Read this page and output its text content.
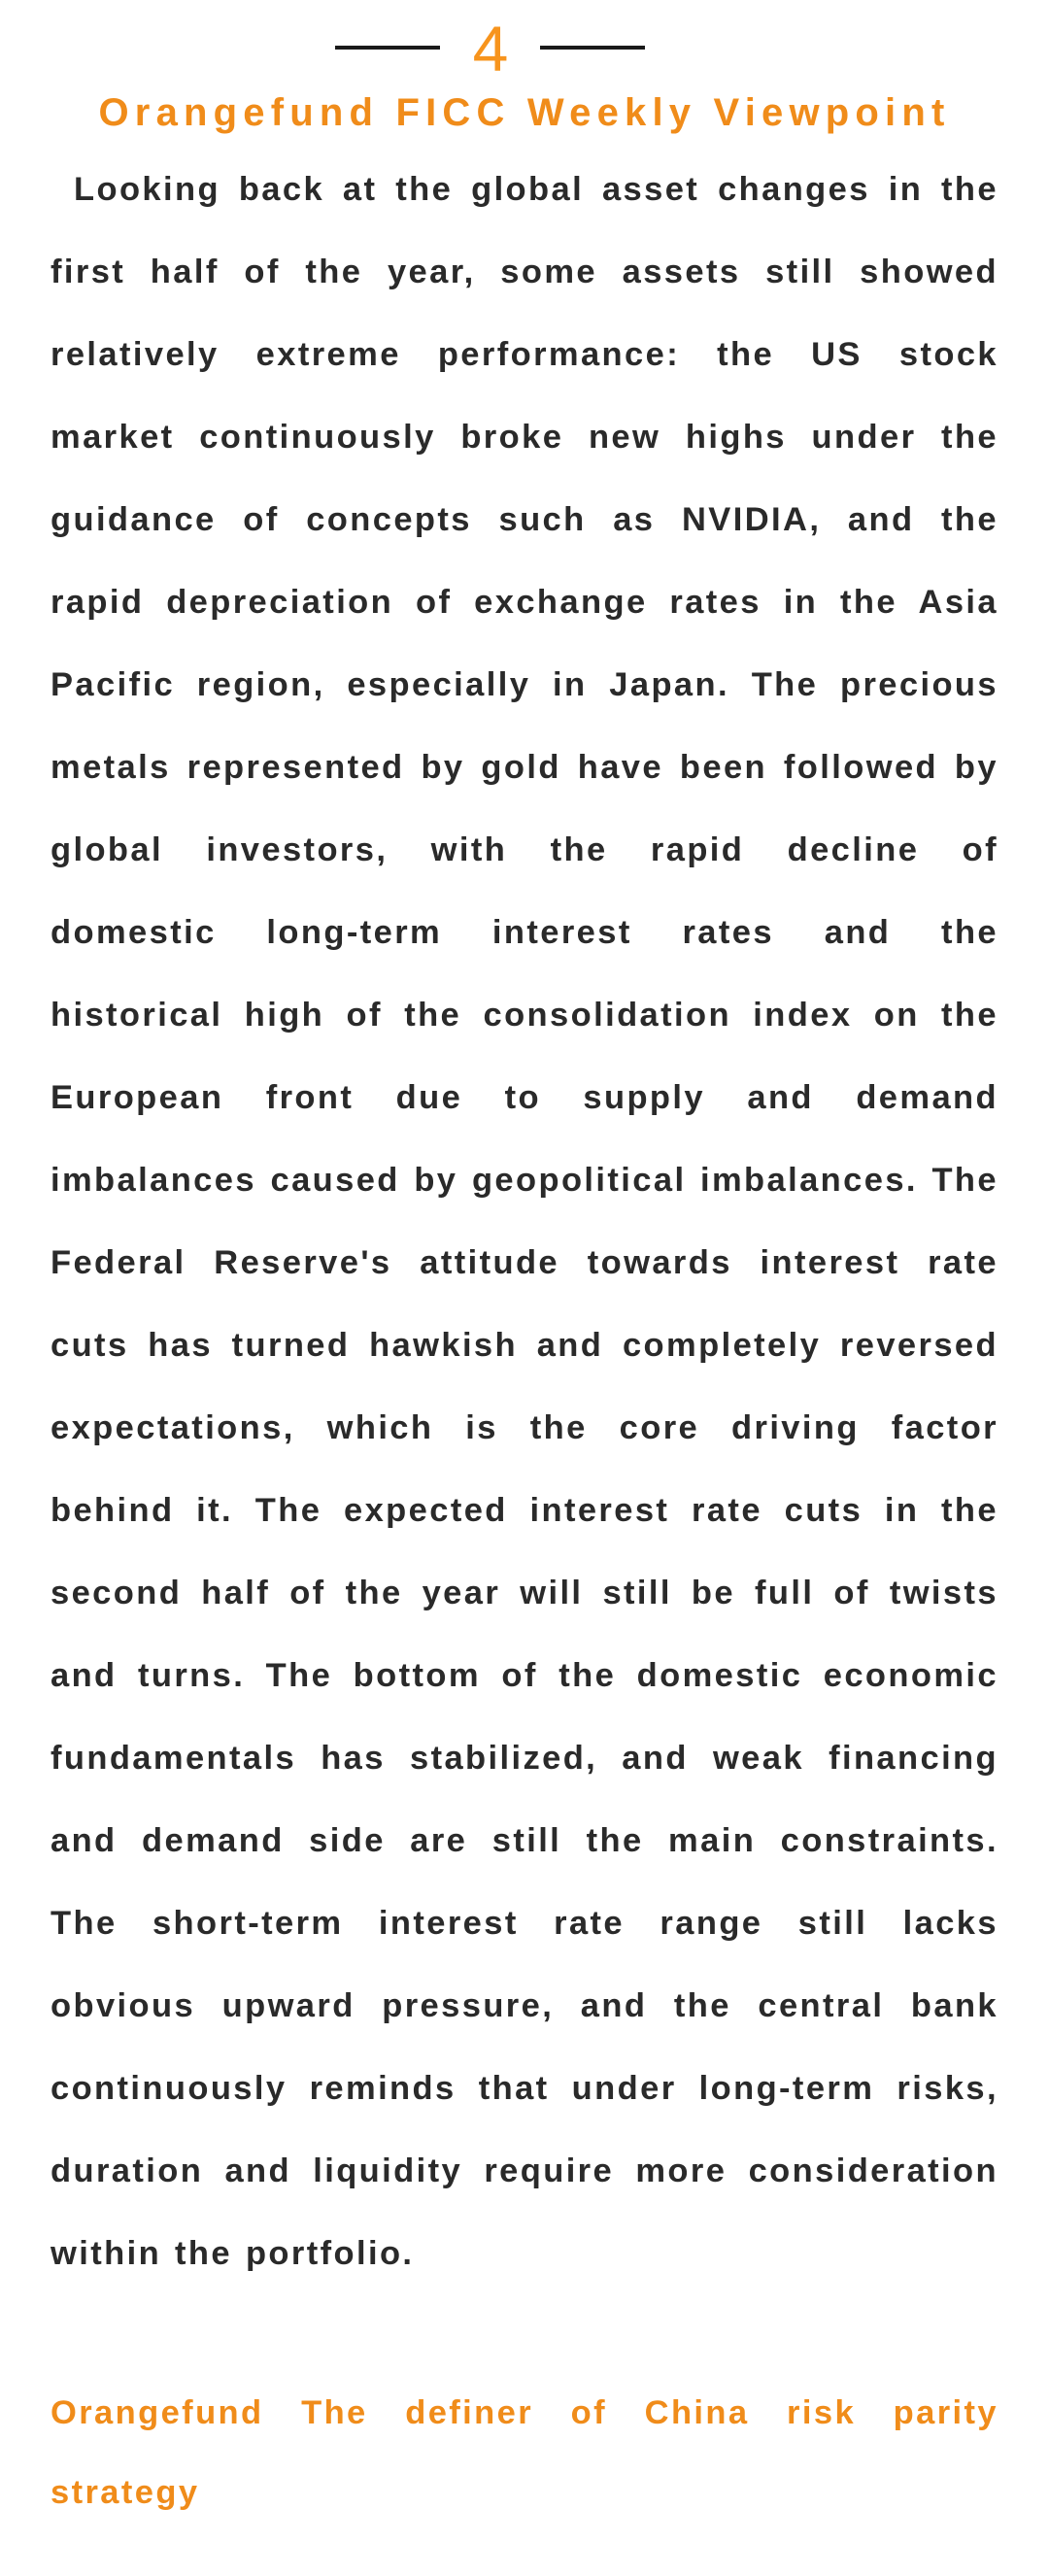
4
Orangefund FICC Weekly Viewpoint

Looking back at the global asset changes in the first half of the year, some assets still showed relatively extreme performance: the US stock market continuously broke new highs under the guidance of concepts such as NVIDIA, and the rapid depreciation of exchange rates in the Asia Pacific region, especially in Japan. The precious metals represented by gold have been followed by global investors, with the rapid decline of domestic long-term interest rates and the historical high of the consolidation index on the European front due to supply and demand imbalances caused by geopolitical imbalances. The Federal Reserve's attitude towards interest rate cuts has turned hawkish and completely reversed expectations, which is the core driving factor behind it. The expected interest rate cuts in the second half of the year will still be full of twists and turns. The bottom of the domestic economic fundamentals has stabilized, and weak financing and demand side are still the main constraints. The short-term interest rate range still lacks obvious upward pressure, and the central bank continuously reminds that under long-term risks, duration and liquidity require more consideration within the portfolio.

Orangefund The definer of China risk parity strategy
